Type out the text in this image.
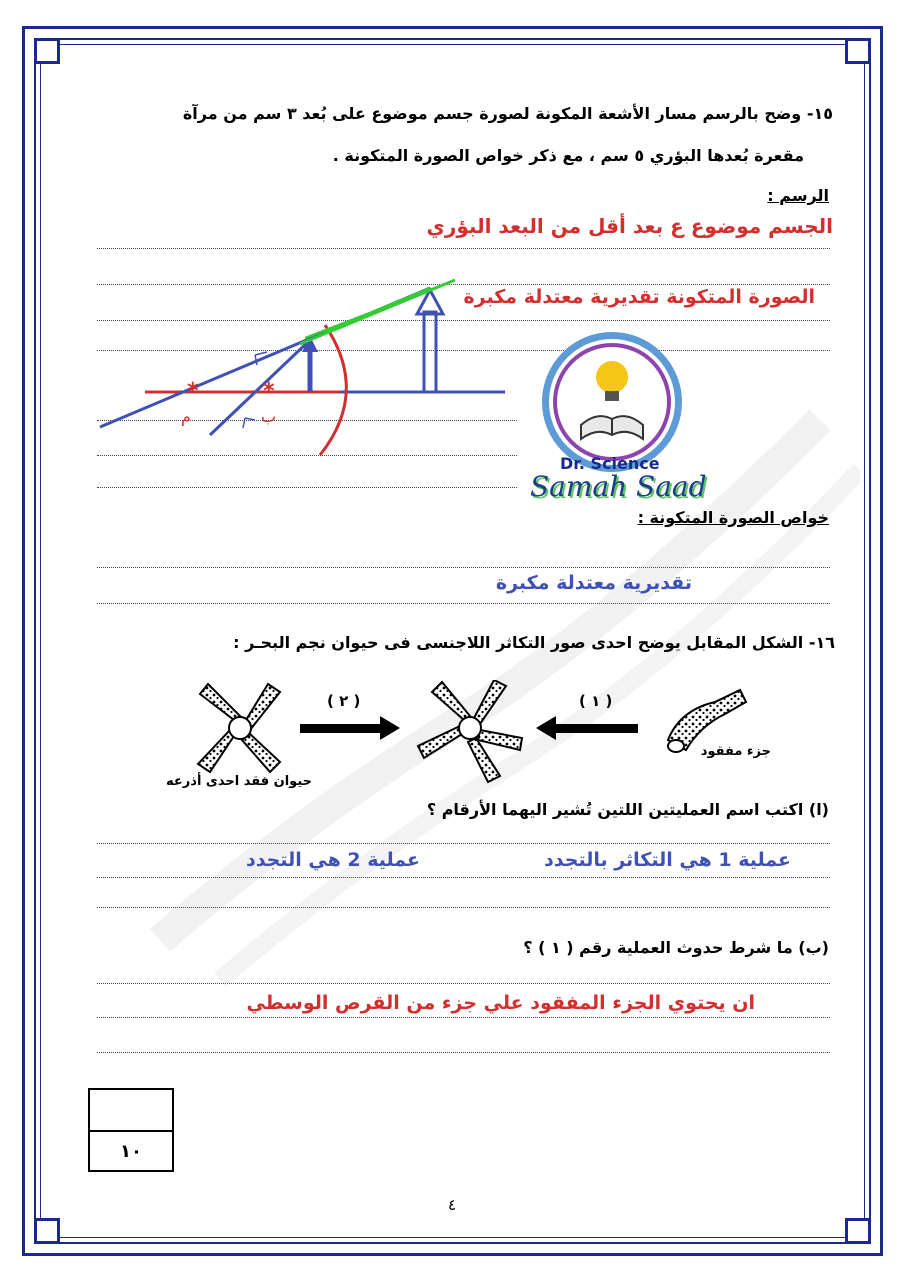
١٥- وضح بالرسم مسار الأشعة المكونة لصورة جسم موضوع على بُعد ٣ سم من مرآة
مقعرة بُعدها البؤري ٥ سم ، مع ذكر خواص الصورة المتكونة .
الرسم :
الجسم موضوع ع بعد أقل من البعد البؤري
الصورة المتكونة تقديرية معتدلة مكبرة
*	*
م	ب
Dr. Science
Samah Saad
خواص الصورة المتكونة :
تقديرية معتدلة مكبرة
١٦- الشكل المقابل يوضح احدى صور التكاثر اللاجنسى فى حيوان نجم البحـر :
( ٢ )	( ١ )
جزء مفقود
حيوان فقد احدى أذرعه
(ا) اكتب اسم العمليتين اللتين تُشير اليهما الأرقام ؟
عملية 1 هي التكاثر بالتجدد
عملية 2 هي التجدد
(ب) ما شرط حدوث العملية رقم ( ١ ) ؟
ان يحتوي الجزء المفقود علي جزء من القرص الوسطي
١٠
٤
